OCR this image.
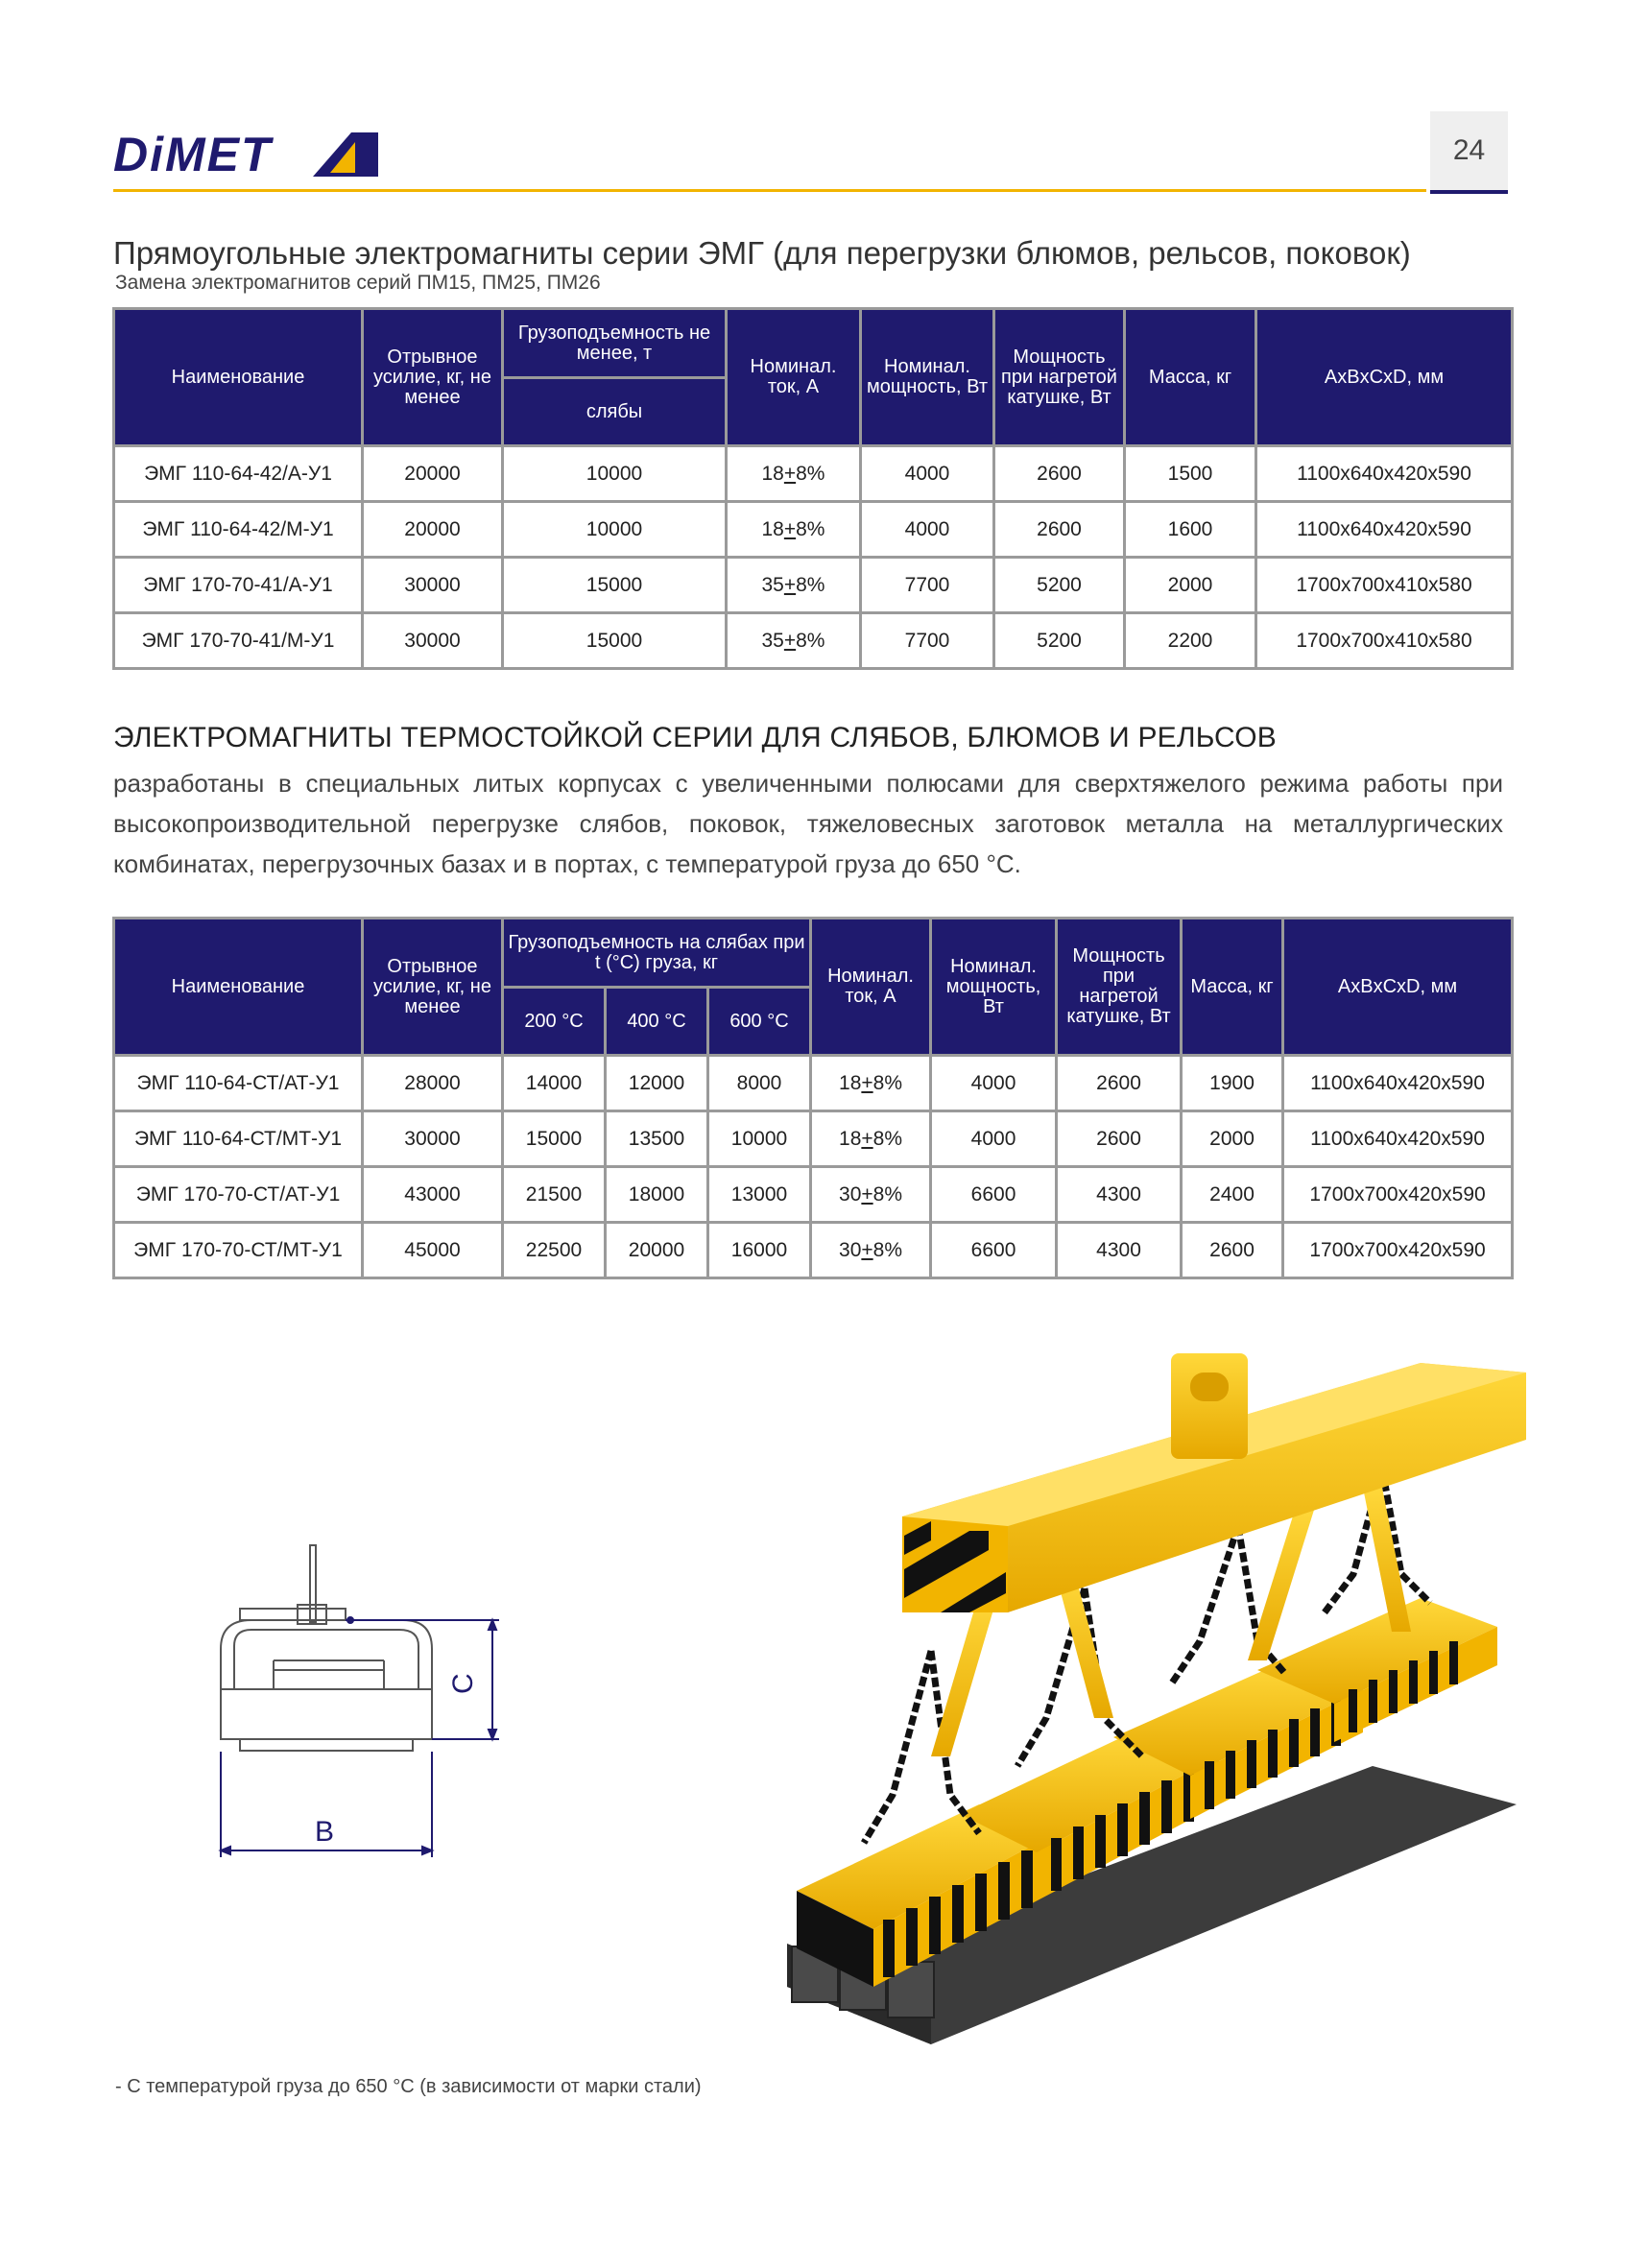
DiMET	24
Прямоугольные электромагниты серии ЭМГ (для перегрузки блюмов, рельсов, поковок)
Замена электромагнитов серий ПМ15, ПМ25, ПМ26
Наименование	Отрывное усилие, кг, не менее	Грузоподъемность не менее, т	Номинал. ток, А	Номинал. мощность, Вт	Мощность при нагретой катушке, Вт	Масса, кг	AxBxCxD, мм
		слябы					
ЭМГ 110-64-42/А-У1	20000	10000	18+8%	4000	2600	1500	1100x640x420x590
ЭМГ 110-64-42/М-У1	20000	10000	18+8%	4000	2600	1600	1100x640x420x590
ЭМГ 170-70-41/А-У1	30000	15000	35+8%	7700	5200	2000	1700x700x410x580
ЭМГ 170-70-41/М-У1	30000	15000	35+8%	7700	5200	2200	1700x700x410x580
ЭЛЕКТРОМАГНИТЫ ТЕРМОСТОЙКОЙ СЕРИИ ДЛЯ СЛЯБОВ, БЛЮМОВ И РЕЛЬСОВ
разработаны в специальных литых корпусах с увеличенными полюсами для сверхтяжелого режима работы при высокопроизводительной перегрузке слябов, поковок, тяжеловесных заготовок металла на металлургических комбинатах, перегрузочных базах и в портах, с температурой груза до 650 °С.
Наименование	Отрывное усилие, кг, не менее	Грузоподъемность на слябах при t (°С) груза, кг			Номинал. ток, А	Номинал. мощность, Вт	Мощность при нагретой катушке, Вт	Масса, кг	AxBxCxD, мм
		200 °С	400 °С	600 °С					
ЭМГ 110-64-СТ/АТ-У1	28000	14000	12000	8000	18+8%	4000	2600	1900	1100x640x420x590
ЭМГ 110-64-СТ/МТ-У1	30000	15000	13500	10000	18+8%	4000	2600	2000	1100x640x420x590
ЭМГ 170-70-СТ/АТ-У1	43000	21500	18000	13000	30+8%	6600	4300	2400	1700x700x420x590
ЭМГ 170-70-СТ/МТ-У1	45000	22500	20000	16000	30+8%	6600	4300	2600	1700x700x420x590
C
B
- С температурой груза до 650 °С (в зависимости от марки стали)
